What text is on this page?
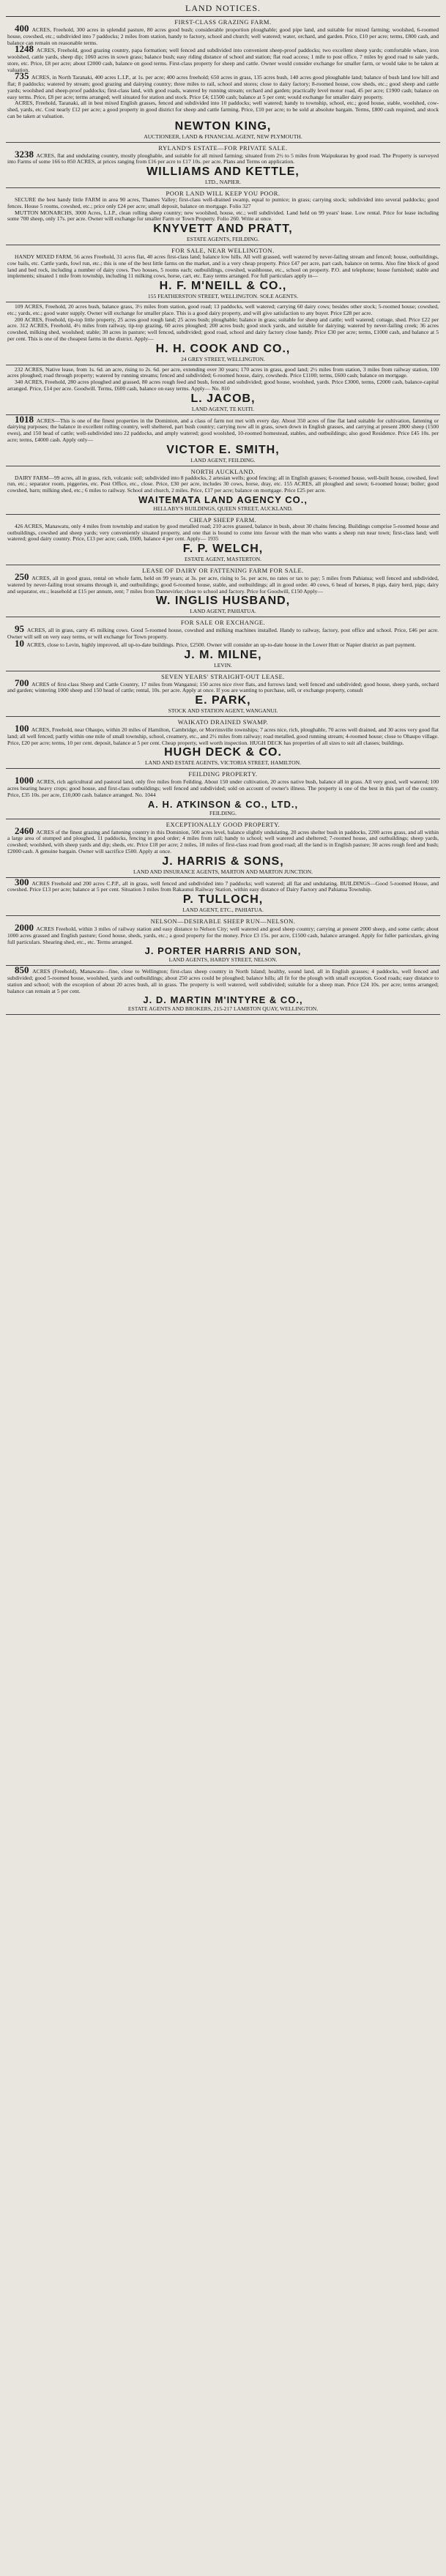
LAND NOTICES.
FIRST-CLASS GRAZING FARM.

400 ACRES, Freehold, 300 acres in splendid pasture, 80 acres good bush; considerable proportion ploughable; good pipe land, and suitable for mixed farming; woolshed, 6-roomed house, cowshed, etc.; subdivided into 7 paddocks; 2 miles from station, handy to factory, school and church; well watered; water, orchard, and garden. Price, £10 per acre; terms, £800 cash, and balance can remain on reasonable terms.

1248 ACRES, Freehold, good grazing country, papa formation; well fenced and subdivided into convenient sheep-proof paddocks; two excellent sheep yards; comfortable whare, iron woolshed, cattle yards, sheep dip; 1060 acres in sown grass; balance bush; easy riding distance of school and station; flat road access; 1 mile to post office, 7 miles by good road to sale yards, store, etc. Price, £8 per acre; about £2000 cash, balance on good terms. First-class property for sheep and cattle. Owner would consider exchange for smaller farm, or would take to be taken at valuation.

735 ACRES, in North Taranaki, 400 acres L.I.P., at 1s. per acre; 400 acres freehold; 650 acres in grass, 135 acres bush, 140 acres good ploughable land; balance of bush land low hill and flat; 8 paddocks; watered by stream; good grazing and dairying country; three miles to rail, school and stores; close to dairy factory; 8-roomed house, cow sheds, etc.; good sheep and cattle yards; woolshed and sheep-proof paddocks; first-class land, with good roads, watered by running stream; orchard and garden; practically level motor road, 45 per acre; £1900 cash; balance on easy terms. Price, £8 per acre; terms arranged; well situated for station and stock. Price £4; £1500 cash; balance at 5 per cent; would exchange for smaller dairy property.

ACRES, Freehold, Taranaki, all in best mixed English grasses, fenced and subdivided into 10 paddocks; well watered; handy to township, school, etc.; good house, stable, woolshed, cow-shed, yards, etc. Cost nearly £12 per acre; a good property in good district for sheep and cattle farming. Price, £10 per acre; to be sold at absolute bargain. Terms, £800 cash required, and stock can be taken at valuation.

NEWTON KING,
AUCTIONEER, LAND & FINANCIAL AGENT, NEW PLYMOUTH.
RYLAND'S ESTATE—FOR PRIVATE SALE.

3238 ACRES, flat and undulating country, mostly ploughable, and suitable for all mixed farming; situated from 2½ to 5 miles from Waipukurau by good road. The Property is surveyed into Farms of some 166 to 850 ACRES, at prices ranging from £16 per acre to £17 10s. per acre. Plans and Terms on application.

WILLIAMS AND KETTLE,
LTD., NAPIER.
POOR LAND WILL KEEP YOU POOR.

SECURE the best handy little FARM in area 90 acres, Thames Valley; first-class well-drained swamp, equal to pumice; in grass; carrying stock; subdivided into several paddocks; good fences. House 5 rooms, cowshed, etc.; price only £24 per acre; small deposit, balance on mortgage. Folio 327

MUTTON MONARCHS, 3000 Acres, L.I.P., clean rolling sheep country; new woolshed, house, etc.; well subdivided. Land held on 99 years' lease. Low rental. Price for lease including some 700 sheep, only 17s. per acre. Owner will exchange for smaller Farm or Town Property. Folio 260. Write at once.

KNYVETT AND PRATT,
ESTATE AGENTS, FEILDING.
FOR SALE, NEAR WELLINGTON.

HANDY MIXED FARM, 56 acres Freehold, 31 acres flat, 40 acres first-class land; balance low hills. All well grassed, well watered by never-failing stream and fenced; house, outbuildings, cow bails, etc. Cattle yards, fowl run, etc.; this is one of the best little farms on the market, and is a very cheap property. Price £47 per acre, part cash, balance on terms. Also fine block of good land and bed rock, including a number of dairy cows. Two houses, 5 rooms each; outbuildings, cowshed, washhouse, etc., school on property. P.O. and telephone; house furnished; stable and implements; situated 1 mile from township, including 11 milking cows, horse, cart, etc. Easy terms arranged. For full particulars apply to—

H. F. M'NEILL & CO.,
155 FEATHERSTON STREET, WELLINGTON. SOLE AGENTS.

109 ACRES, Freehold, 20 acres bush, balance grass, 3½ miles from station, good road; 13 paddocks, well watered; carrying 60 dairy cows; besides other stock; 5-roomed house; cowshed, etc.; yards, etc.; good water supply. Owner will exchange for smaller place. This is a good dairy property, and will give satisfaction to any buyer. Price £28 per acre.

200 ACRES, Freehold, tip-top little property, 25 acres good rough land; 25 acres bush; ploughable; balance in grass; suitable for sheep and cattle; well watered; cottage, shed. Price £22 per acre. 312 ACRES, Freehold, 4½ miles from railway, tip-top grazing, 60 acres ploughed; 200 acres bush; good stock yards, and suitable for dairying; watered by never-failing creek; 36 acres cowshed, milking shed, woolshed; stable; 30 acres in pasture; well fenced, subdivided; good road, school and dairy factory close handy. Price £30 per acre; terms, £1000 cash, and balance at 5 per cent. This is one of the cheapest farms in the district. Apply—

H. H. COOK AND CO.,
24 GREY STREET, WELLINGTON.

232 ACRES, Native lease, from 1s. 6d. an acre, rising to 2s. 6d. per acre, extending over 30 years; 170 acres in grass, good land; 2½ miles from station, 3 miles from railway station, 100 acres ploughed; road through property; watered by running streams; fenced and subdivided; 6-roomed house, dairy, cowsheds. Price £1100; terms, £600 cash; balance on mortgage.

340 ACRES, Freehold, 280 acres ploughed and grassed, 80 acres rough feed and bush, fenced and subdivided; good house, woolshed, yards. Price £3000, terms, £2000 cash, balance-capital arranged. Price, £14 per acre. Goodwill. Terms, £600 cash, balance on easy terms. Apply— No. 810

L. JACOB,
LAND AGENT, TE KUITI.

1018 ACRES—This is one of the finest properties in the Dominion, and a class of farm not met with every day. About 350 acres of fine flat land suitable for cultivation, fattening or dairying purposes; the balance in excellent rolling country, well sheltered, part bush country; carrying now all in grass, sown down in English grasses, and carrying at present 2800 sheep (1500 ewes), and 150 head of cattle; well-subdivided into 22 paddocks, and amply watered; good woolshed, 10-roomed homestead, stables, and outbuildings; also good Residence. Price £45 10s. per acre; terms, £4000 cash. Apply only—

VICTOR E. SMITH,
LAND AGENT, FEILDING.
NORTH AUCKLAND.

DAIRY FARM—99 acres, all in grass, rich, volcanic soil; subdivided into 8 paddocks, 2 artesian wells; good fencing; all in English grasses; 6-roomed house, well-built house, cowshed, fowl run, etc.; separator room, piggeries, etc. Post Office, etc., close. Price, £30 per acre, includes 30 cows, horse, dray, etc. 155 ACRES, all ploughed and sown; 6-roomed house; boiler; good cowshed, barn; milking shed, etc.; 6 miles to railway. School and church, 2 miles. Price, £17 per acre; balance on mortgage. Price £25 per acre.

WAITEMATA LAND AGENCY CO.,
HELLABY'S BUILDINGS, QUEEN STREET, AUCKLAND.
CHEAP SHEEP FARM.

426 ACRES, Manawatu, only 4 miles from township and station by good metalled road; 210 acres grassed, balance in bush, about 30 chains fencing. Buildings comprise 5-roomed house and outbuildings, cowshed and sheep yards; very conveniently situated property, and one that is bound to come into favour with the man who wants a sheep run near town; first-class land; well watered; good dairy country. Price, £13 per acre; cash, £600, balance 4 per cent. Apply— 1935

F. P. WELCH,
ESTATE AGENT, MASTERTON.
LEASE OF DAIRY OR FATTENING FARM FOR SALE.

250 ACRES, all in good grass, rental on whole farm, held on 99 years; at 3s. per acre, rising to 5s. per acre, no rates or tax to pay; 5 miles from Pahiatua; well fenced and subdivided, watered by never-failing trout streams through it, and outbuildings; good 6-roomed house, stable, and outbuildings; all in good order. 40 cows, 6 head of horses, 8 pigs, dairy herd, pigs; dairy and separator, etc.; leasehold at £15 per annum, rent; 7 miles from Dannevirke; close to school and factory. Price for Goodwill, £150 Apply—

W. INGLIS HUSBAND,
LAND AGENT, PAHIATUA.
FOR SALE OR EXCHANGE.

95 ACRES, all in grass, carry 45 milking cows. Good 5-roomed house, cowshed and milking machines installed. Handy to railway, factory, post office and school. Price, £46 per acre. Owner will sell on very easy terms, or will exchange for Town property.

10 ACRES, close to Levin, highly improved, all up-to-date buildings. Price, £2500. Owner will consider an up-to-date house in the Lower Hutt or Napier district as part payment.

J. M. MILNE,
LEVIN.
SEVEN YEARS' STRAIGHT-OUT LEASE.

700 ACRES of first-class Sheep and Cattle Country, 17 miles from Wanganui; 150 acres nice river flats, and furrows land; well fenced and subdivided; good house, sheep yards, orchard and garden; wintering 1000 sheep and 150 head of cattle; rental, 10s. per acre. Apply at once. If you are wanting to purchase, sell, or exchange property, consult

E. PARK,
STOCK AND STATION AGENT, WANGANUI.
WAIKATO DRAINED SWAMP.

100 ACRES, Freehold, near Ohaupo, within 20 miles of Hamilton, Cambridge, or Morrinsville townships; 7 acres nice, rich, ploughable, 70 acres well drained, and 30 acres very good flat land; all well fenced; partly within one mile of small township, school, creamery, etc., and 2½ miles from railway; road metalled, good running stream; 4-roomed house; close to Ohaupo village. Price, £20 per acre; terms, 10 per cent. deposit, balance at 5 per cent. Cheap property, well worth inspection. HUGH DECK has properties of all sizes to suit all classes; buildings.

HUGH DECK & CO.
LAND AND ESTATE AGENTS, VICTORIA STREET, HAMILTON.
FEILDING PROPERTY.

1000 ACRES, rich agricultural and pastoral land, only five miles from Feilding. About 150 under cultivation, 20 acres native bush, balance all in grass. All very good, well watered; 100 acres bearing heavy crops; good house, and first-class outbuildings; well fenced and subdivided; sold on account of owner's illness. The property is one of the best in this part of the country. Price, £35 10s. per acre, £10,000 cash. balance arranged. No. 1044

A. H. ATKINSON & CO., LTD.,
FEILDING.
EXCEPTIONALLY GOOD PROPERTY.

2460 ACRES of the finest grazing and fattening country in this Dominion, 500 acres level, balance slightly undulating, 20 acres shelter bush in paddocks, 2200 acres grass, and all within a large area of stumped and ploughed, 11 paddocks, fencing in good order; 4 miles from rail; handy to school; well watered and sheltered; 7-roomed house, and outbuildings; sheep yards, cowshed; woolshed, with sheep yards and dip; sheds, etc. Price £18 per acre; 2 miles, 18 miles of first-class road from good road; all the land is in English pasture; 30 acres rough feed and bush; £2000 cash. A genuine bargain. Owner will sacrifice £500. Apply at once.

J. HARRIS & SONS,
LAND AND INSURANCE AGENTS, MARTON AND MARTON JUNCTION.

300 ACRES Freehold and 200 acres C.P.P., all in grass, well fenced and subdivided into 7 paddocks; well watered; all flat and undulating. BUILDINGS—Good 5-roomed House, and cowshed. Price £13 per acre; balance at 5 per cent. Situation 3 miles from Rakaunui Railway Station, within easy distance of Dairy Factory and Pahiatua Township.

P. TULLOCH,
LAND AGENT, ETC., PAHIATUA.
NELSON—DESIRABLE SHEEP RUN—NELSON.

2000 ACRES Freehold, within 3 miles of railway station and easy distance to Nelson City; well watered and good sheep country; carrying at present 2000 sheep, and some cattle; about 1000 acres grassed and English pasture; Good house, sheds, yards, etc.; a good property for the money. Price £3 15s. per acre, £1500 cash, balance arranged. Apply for fuller particulars, giving full particulars. Shearing shed, etc., etc. Terms arranged.

J. PORTER HARRIS AND SON,
LAND AGENTS, HARDY STREET, NELSON.

850 ACRES (Freehold), Manawatu—fine, close to Wellington; first-class sheep country in North Island; healthy, sound land, all in English grasses; 4 paddocks, well fenced and subdivided; good 5-roomed house, woolshed, yards and outbuildings; about 250 acres could be ploughed; balance hills; all fit for the plough with small exception. Good roads; easy distance to station and school; with the exception of about 20 acres bush, all in grass. The property is well watered, well subdivided; suitable for a sheep man. Price £24 10s. per acre; terms arranged; balance can remain at 5 per cent.

J. D. MARTIN M'INTYRE & CO.,
ESTATE AGENTS AND BROKERS, 215-217 LAMBTON QUAY, WELLINGTON.
